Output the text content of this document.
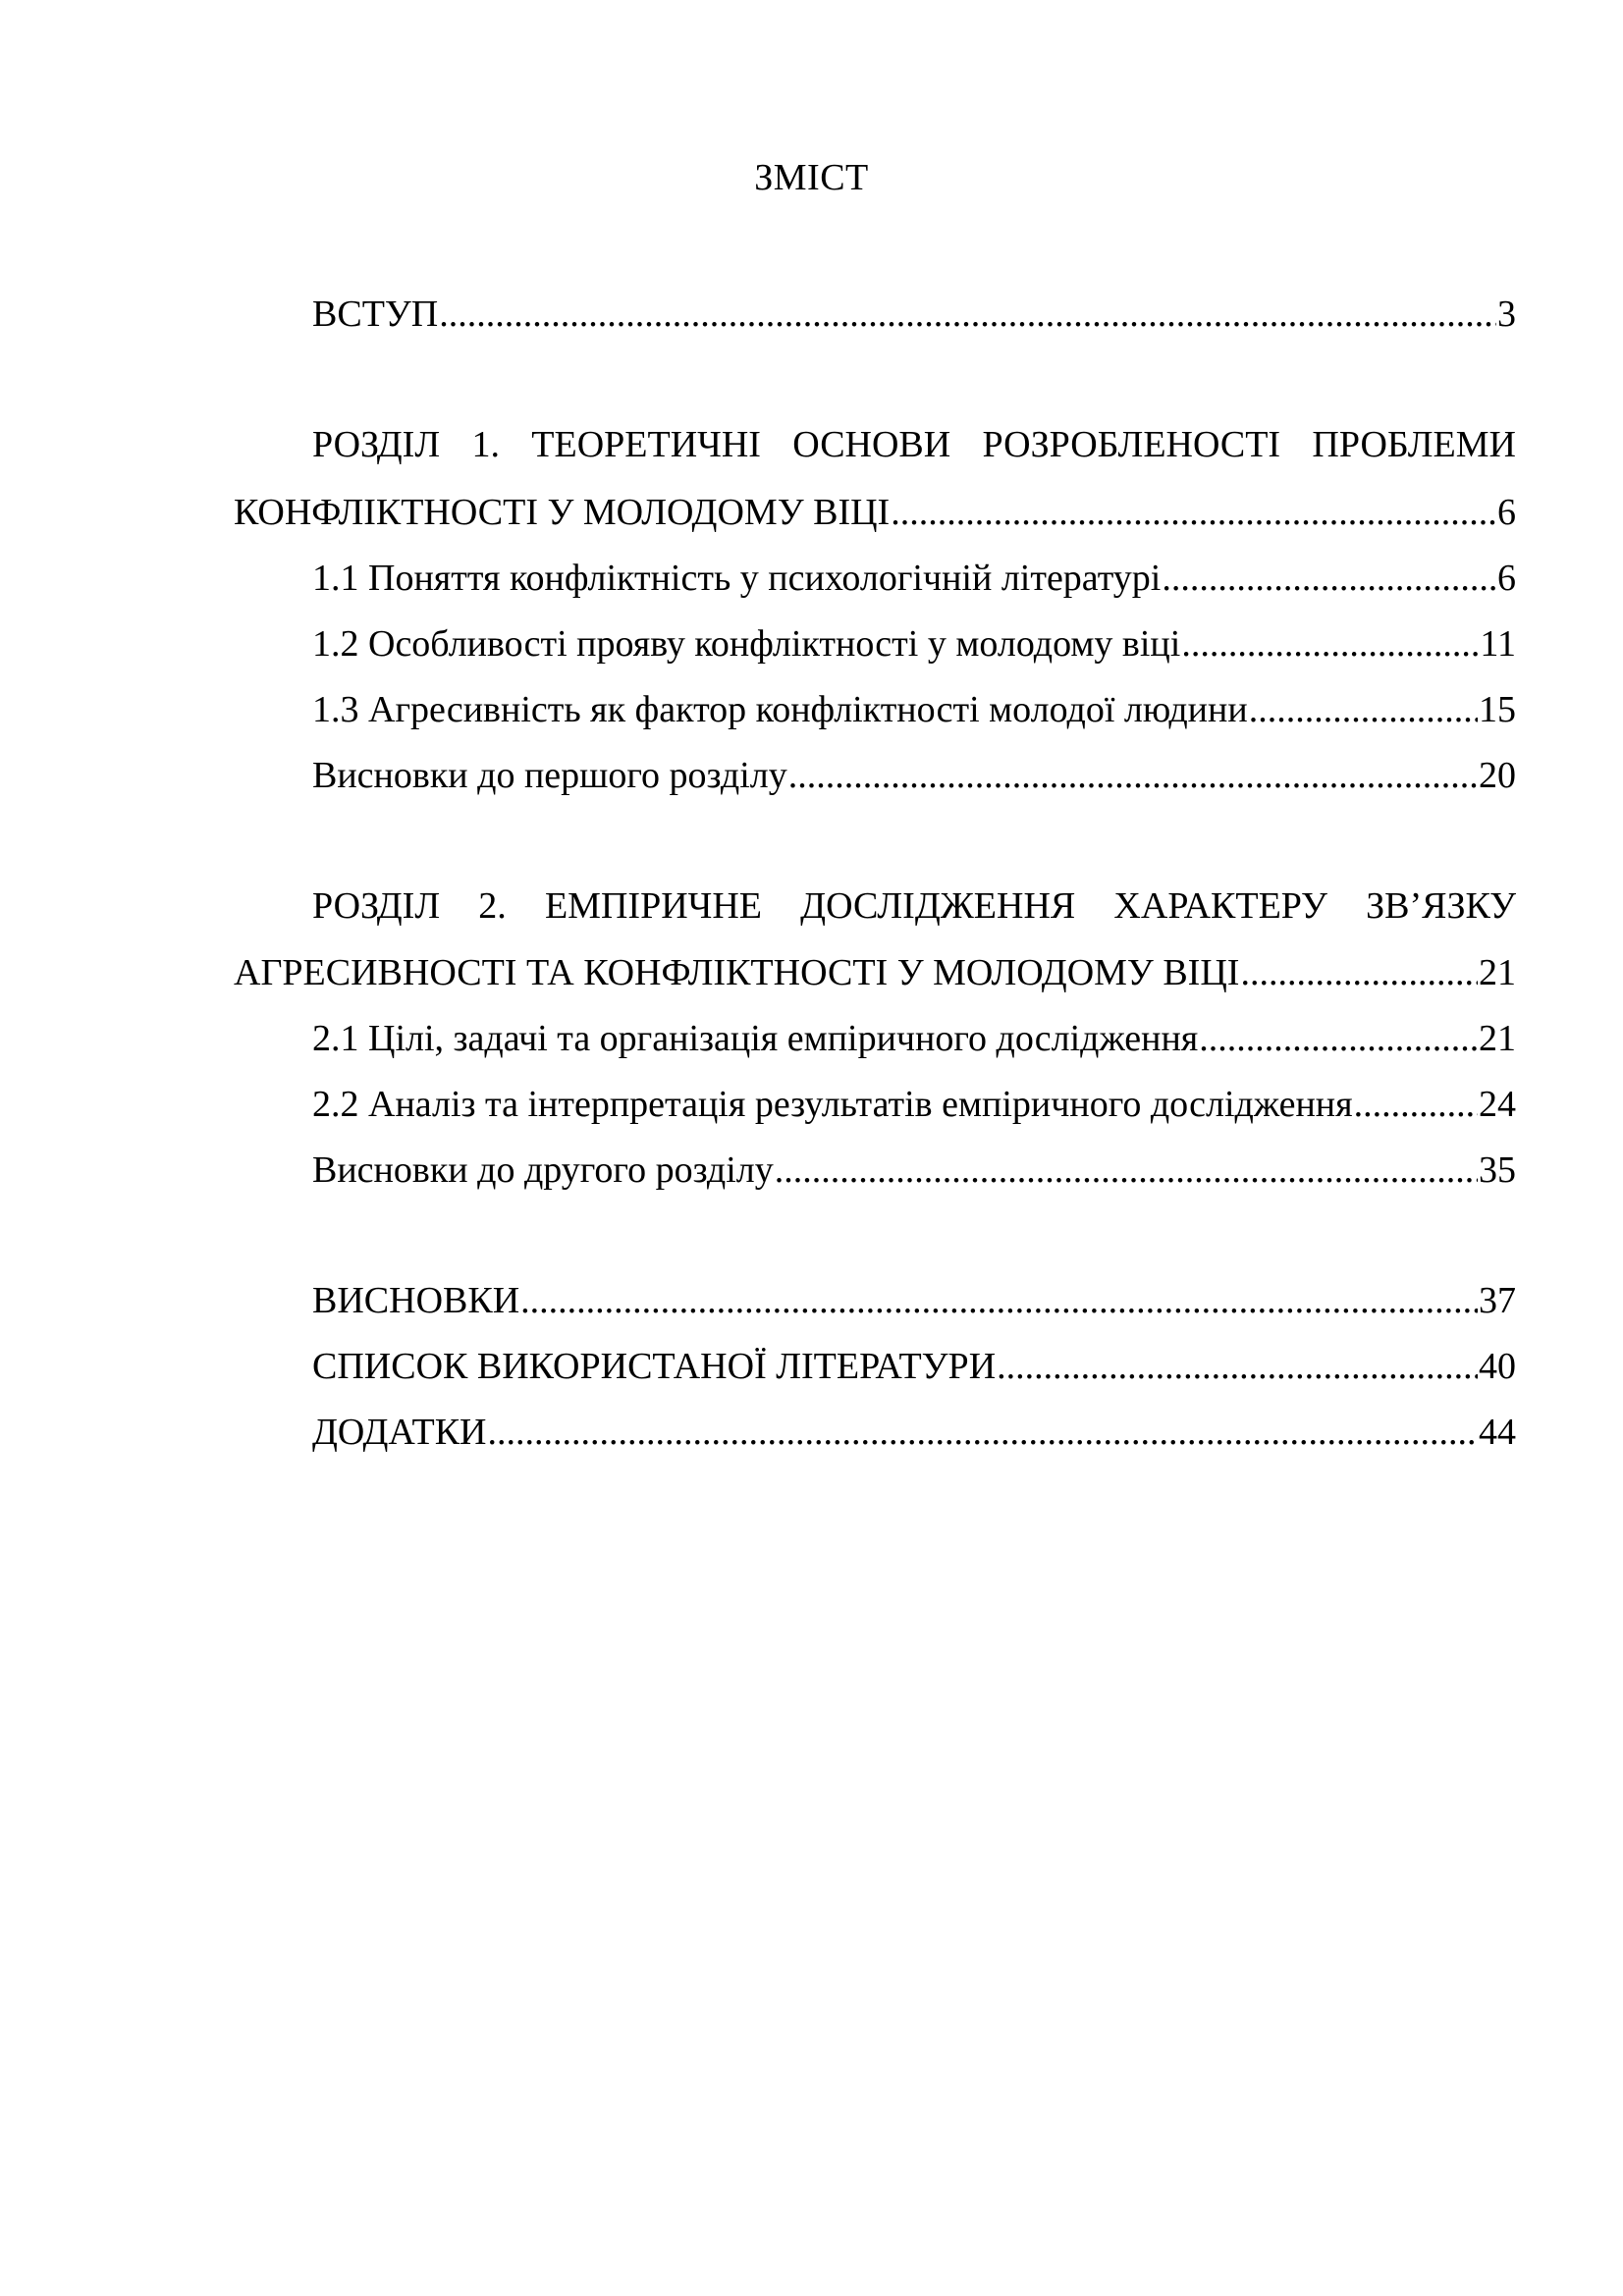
ЗМІСТ
ВСТУП .....	3
РОЗДІЛ 1. ТЕОРЕТИЧНІ ОСНОВИ РОЗРОБЛЕНОСТІ ПРОБЛЕМИ
КОНФЛІКТНОСТІ У МОЛОДОМУ ВІЦІ .....	6
1.1 Поняття конфліктність у психологічній літературі .....	6
1.2 Особливості прояву конфліктності у молодому віці .....	11
1.3 Агресивність як фактор конфліктності молодої людини .....	15
Висновки до першого розділу .....	20
РОЗДІЛ 2. ЕМПІРИЧНЕ ДОСЛІДЖЕННЯ ХАРАКТЕРУ ЗВ’ЯЗКУ
АГРЕСИВНОСТІ ТА КОНФЛІКТНОСТІ У МОЛОДОМУ ВІЦІ .....	21
2.1 Цілі, задачі та організація емпіричного дослідження .....	21
2.2 Аналіз та інтерпретація результатів емпіричного дослідження .....	24
Висновки до другого розділу .....	35
ВИСНОВКИ .....	37
СПИСОК ВИКОРИСТАНОЇ ЛІТЕРАТУРИ .....	40
ДОДАТКИ .....	44
